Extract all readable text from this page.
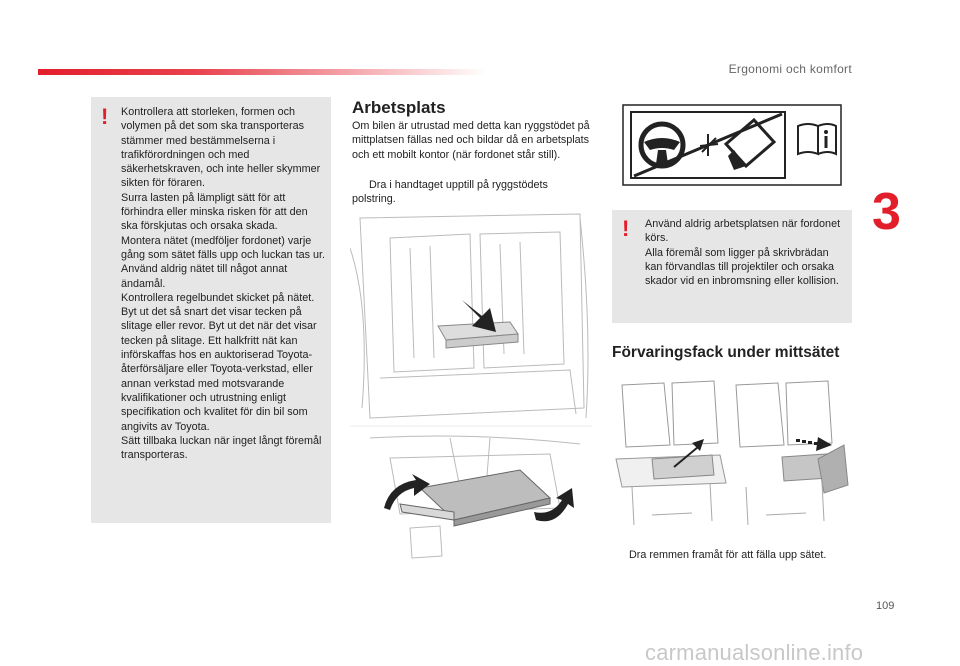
Ergonomi och komfort
3
! Kontrollera att storleken, formen och volymen på det som ska transporteras stämmer med bestämmelserna i trafikförordningen och med säkerhetskraven, och inte heller skymmer sikten för föraren.
Surra lasten på lämpligt sätt för att förhindra eller minska risken för att den ska förskjutas och orsaka skada.
Montera nätet (medföljer fordonet) varje gång som sätet fälls upp och luckan tas ur.
Använd aldrig nätet till något annat ändamål.
Kontrollera regelbundet skicket på nätet. Byt ut det så snart det visar tecken på slitage eller revor. Byt ut det när det visar tecken på slitage. Ett halkfritt nät kan införskaffas hos en auktoriserad Toyota-återförsäljare eller Toyota-verkstad, eller annan verkstad med motsvarande kvalifikationer och utrustning enligt specifikation och kvalitet för din bil som angivits av Toyota.
Sätt tillbaka luckan när inget långt föremål transporteras.
Arbetsplats
Om bilen är utrustad med detta kan ryggstödet på mittplatsen fällas ned och bildar då en arbetsplats och ett mobilt kontor (när fordonet står still).
Dra i handtaget upptill på ryggstödets polstring.
! Använd aldrig arbetsplatsen när fordonet körs.
Alla föremål som ligger på skrivbrädan kan förvandlas till projektiler och orsaka skador vid en inbromsning eller kollision.
Förvaringsfack under mittsätet
Dra remmen framåt för att fälla upp sätet.
109
carmanualsonline.info
